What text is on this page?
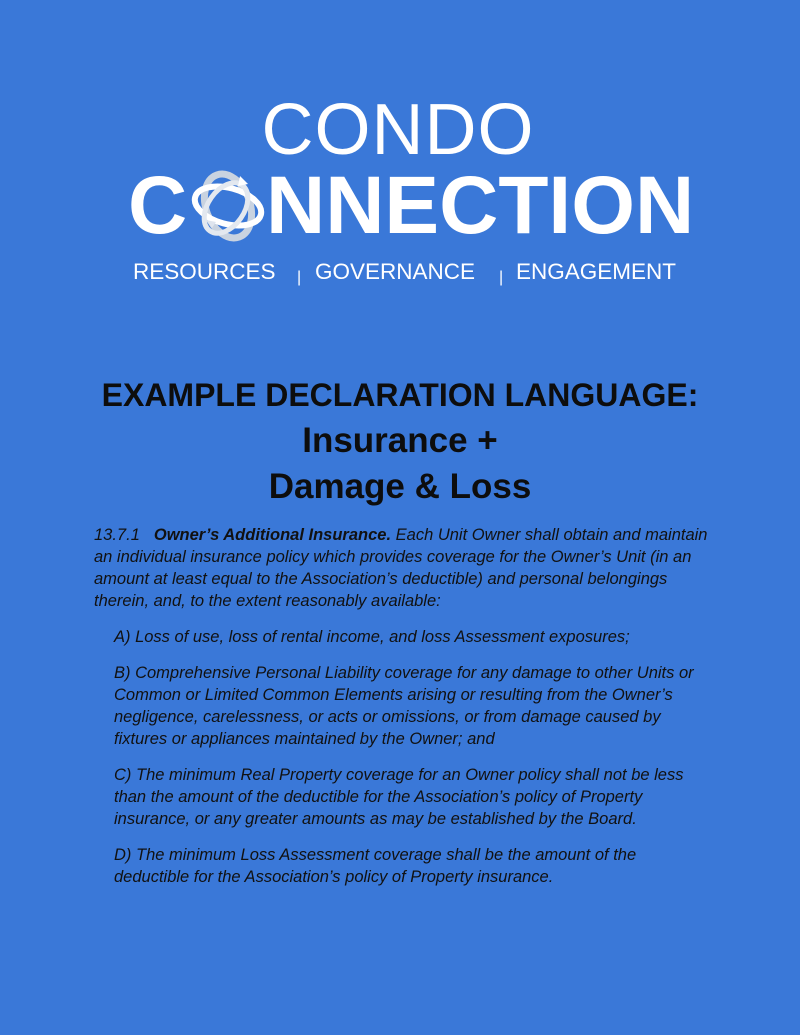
CONDO
C NNECTION
RESOURCES | GOVERNANCE | ENGAGEMENT
EXAMPLE DECLARATION LANGUAGE:
Insurance +
Damage & Loss

13.7.1 Owner’s Additional Insurance. Each Unit Owner shall obtain and maintain an individual insurance policy which provides coverage for the Owner’s Unit (in an amount at least equal to the Association’s deductible) and personal belongings therein, and, to the extent reasonably available:

A) Loss of use, loss of rental income, and loss Assessment exposures;

B) Comprehensive Personal Liability coverage for any damage to other Units or Common or Limited Common Elements arising or resulting from the Owner’s negligence, carelessness, or acts or omissions, or from damage caused by fixtures or appliances maintained by the Owner; and

C) The minimum Real Property coverage for an Owner policy shall not be less than the amount of the deductible for the Association’s policy of Property insurance, or any greater amounts as may be established by the Board.

D) The minimum Loss Assessment coverage shall be the amount of the deductible for the Association’s policy of Property insurance.
